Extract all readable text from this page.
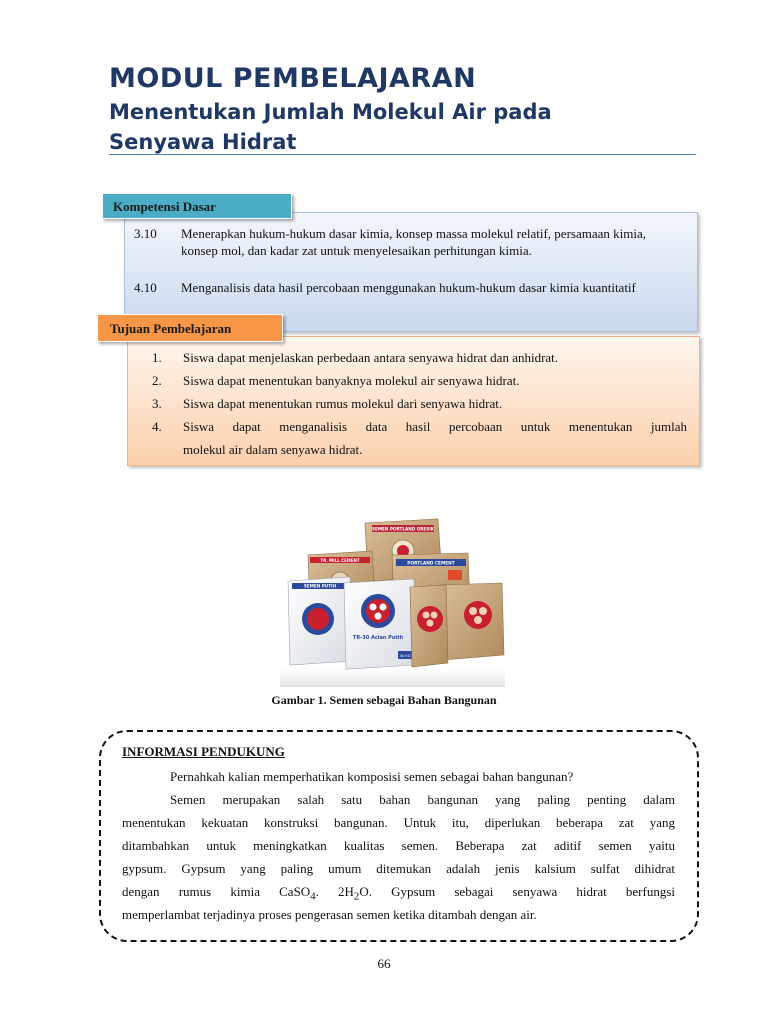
MODUL PEMBELAJARAN
Menentukan Jumlah Molekul Air pada
Senyawa Hidrat
Kompetensi Dasar
3.10	Menerapkan hukum-hukum dasar kimia, konsep massa molekul relatif, persamaan kimia, konsep mol, dan kadar zat untuk menyelesaikan perhitungan kimia.
4.10	Menganalisis data hasil percobaan menggunakan hukum-hukum dasar kimia kuantitatif
Tujuan Pembelajaran
1. Siswa dapat menjelaskan perbedaan antara senyawa hidrat dan anhidrat.
2. Siswa dapat menentukan banyaknya molekul air senyawa hidrat.
3. Siswa dapat menentukan rumus molekul dari senyawa hidrat.
4. Siswa dapat menganalisis data hasil percobaan untuk menentukan jumlah
molekul air dalam senyawa hidrat.
SEMEN PORTLAND GRESIK
TR. MILL CEMENT
PORTLAND CEMENT
SEMEN PUTIH
TR-30 Acian Putih
40 KG
Gambar 1. Semen sebagai Bahan Bangunan
INFORMASI PENDUKUNG
Pernahkah kalian memperhatikan komposisi semen sebagai bahan bangunan?
Semen merupakan salah satu bahan bangunan yang paling penting dalam
menentukan kekuatan konstruksi bangunan. Untuk itu, diperlukan beberapa zat yang
ditambahkan untuk meningkatkan kualitas semen. Beberapa zat aditif semen yaitu
gypsum. Gypsum yang paling umum ditemukan adalah jenis kalsium sulfat dihidrat
dengan rumus kimia CaSO$_4$. $2H_2O$. Gypsum sebagai senyawa hidrat berfungsi
memperlambat terjadinya proses pengerasan semen ketika ditambah dengan air.
66
